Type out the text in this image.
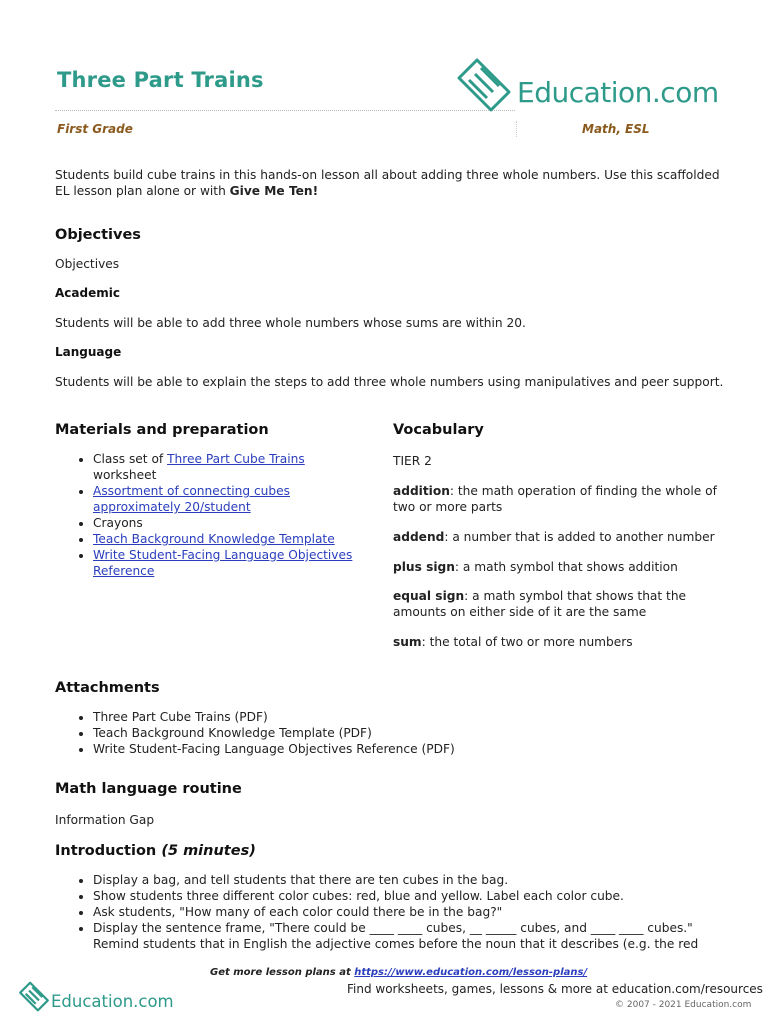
Three Part Trains	Education.com
First Grade	Math, ESL
Students build cube trains in this hands-on lesson all about adding three whole numbers. Use this scaffolded EL lesson plan alone or with Give Me Ten!
Objectives
Objectives
Academic
Students will be able to add three whole numbers whose sums are within 20.
Language
Students will be able to explain the steps to add three whole numbers using manipulatives and peer support.
Materials and preparation
• Class set of Three Part Cube Trains worksheet
• Assortment of connecting cubes approximately 20/student
• Crayons
• Teach Background Knowledge Template
• Write Student-Facing Language Objectives Reference
Vocabulary
TIER 2
addition: the math operation of finding the whole of two or more parts
addend: a number that is added to another number
plus sign: a math symbol that shows addition
equal sign: a math symbol that shows that the amounts on either side of it are the same
sum: the total of two or more numbers
Attachments
• Three Part Cube Trains (PDF)
• Teach Background Knowledge Template (PDF)
• Write Student-Facing Language Objectives Reference (PDF)
Math language routine
Information Gap
Introduction (5 minutes)
• Display a bag, and tell students that there are ten cubes in the bag.
• Show students three different color cubes: red, blue and yellow. Label each color cube.
• Ask students, "How many of each color could there be in the bag?"
• Display the sentence frame, "There could be ____ ____ cubes, __ _____ cubes, and ____ ____ cubes." Remind students that in English the adjective comes before the noun that it describes (e.g. the red
Get more lesson plans at https://www.education.com/lesson-plans/
Education.com
Find worksheets, games, lessons & more at education.com/resources
© 2007 - 2021 Education.com
